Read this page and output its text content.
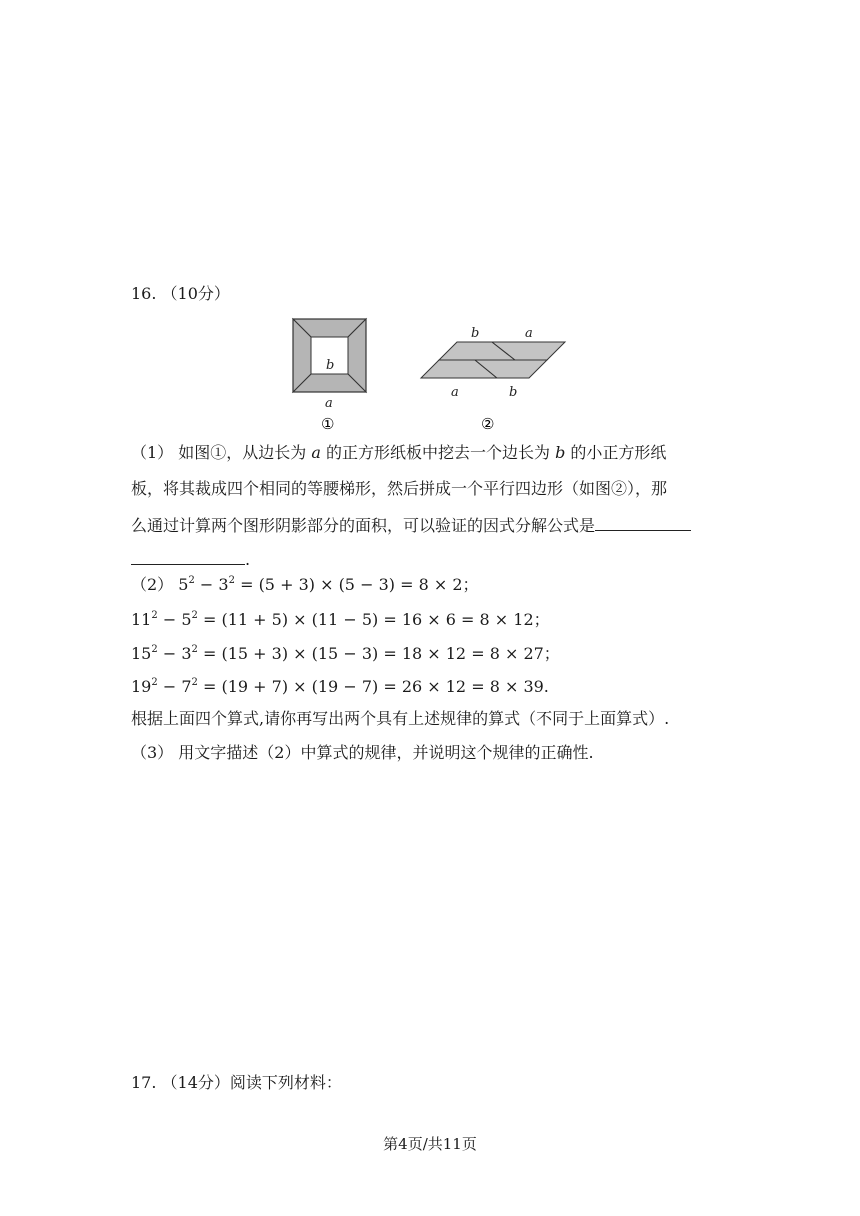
16. （10分）
b
a
①
b	a
a	b
②
（1） 如图①，从边长为 a 的正方形纸板中挖去一个边长为 b 的小正方形纸
板，将其裁成四个相同的等腰梯形，然后拼成一个平行四边形（如图②），那
么通过计算两个图形阴影部分的面积，可以验证的因式分解公式是
.
（2） $5^2 - 3^2 = (5 + 3) \times (5 - 3) = 8 \times 2$；
$11^2 - 5^2 = (11 + 5) \times (11 - 5) = 16 \times 6 = 8 \times 12$；
$15^2 - 3^2 = (15 + 3) \times (15 - 3) = 18 \times 12 = 8 \times 27$；
$19^2 - 7^2 = (19 + 7) \times (19 - 7) = 26 \times 12 = 8 \times 39$.
根据上面四个算式,请你再写出两个具有上述规律的算式（不同于上面算式）.
（3） 用文字描述（2）中算式的规律，并说明这个规律的正确性.
17. （14分）阅读下列材料：
第4页/共11页
